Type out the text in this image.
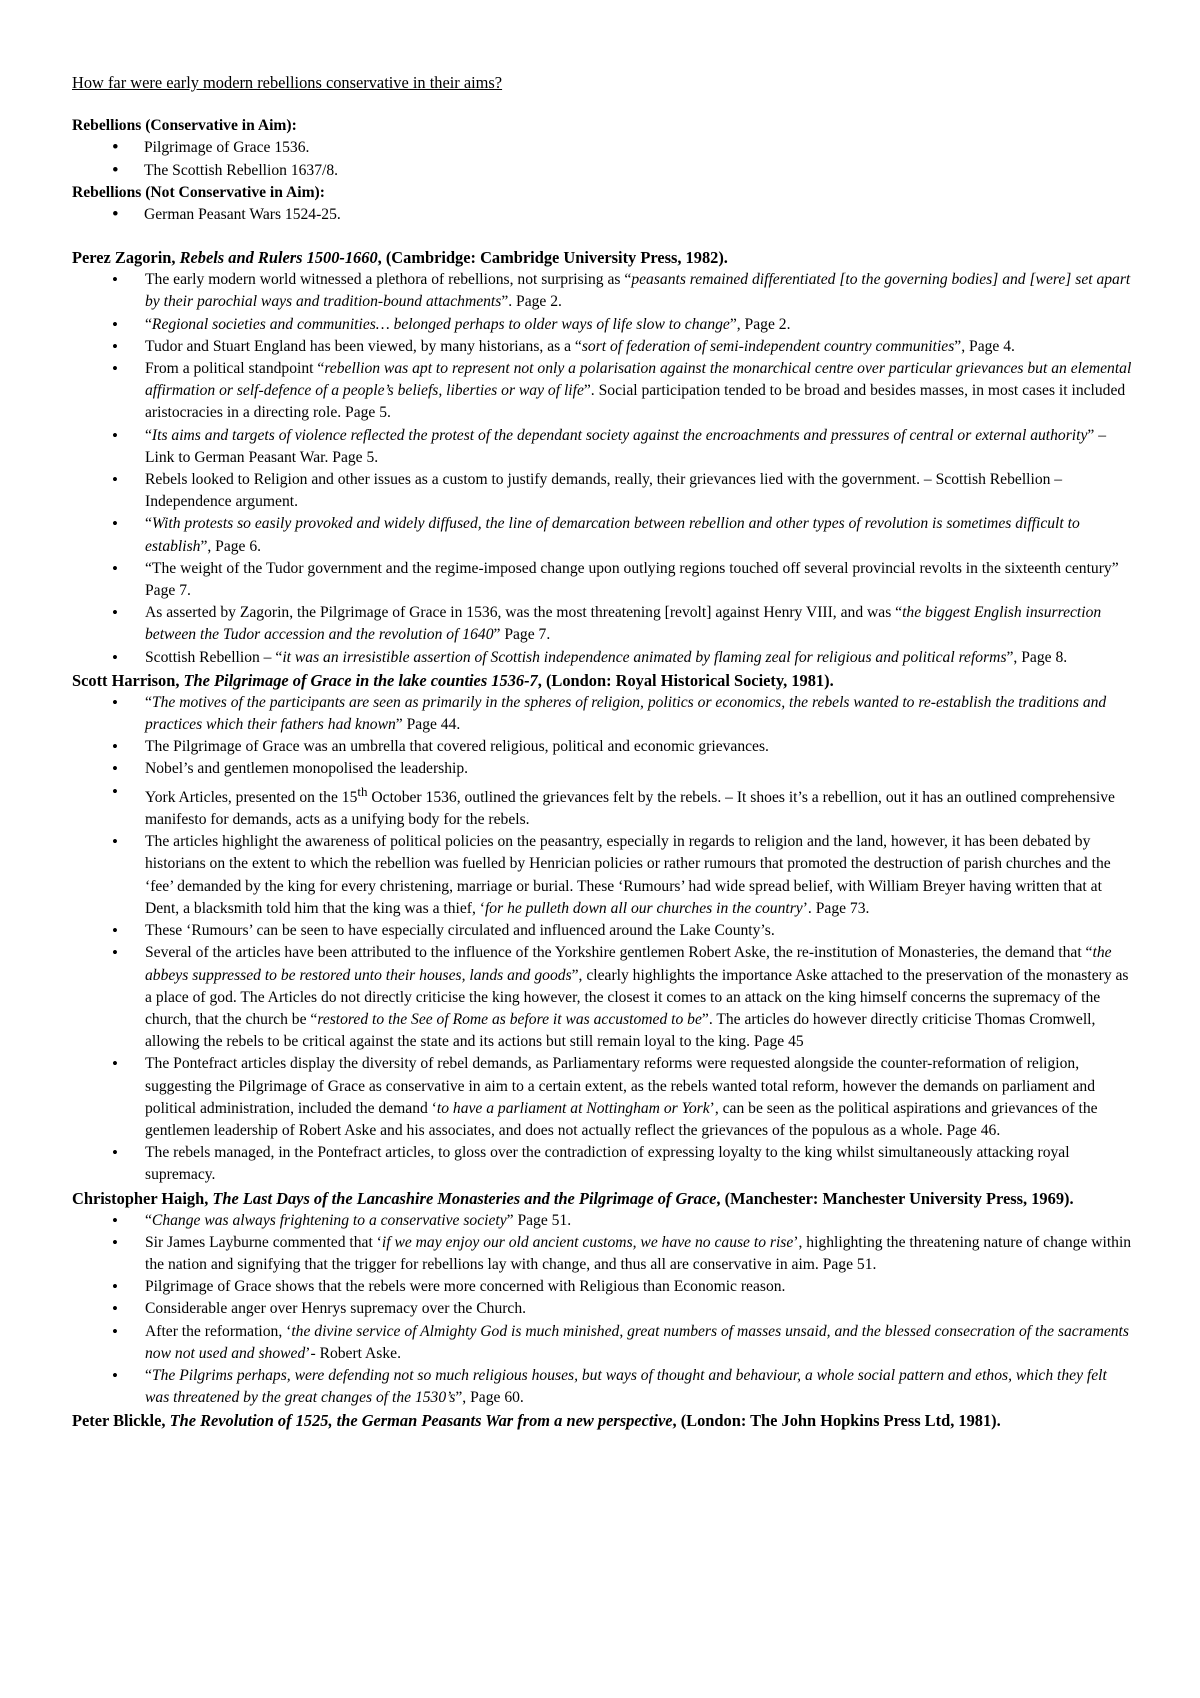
How far were early modern rebellions conservative in their aims?

Rebellions (Conservative in Aim):

• Pilgrimage of Grace 1536.
• The Scottish Rebellion 1637/8.

Rebellions (Not Conservative in Aim):

• German Peasant Wars 1524-25.

Perez Zagorin, Rebels and Rulers 1500-1660, (Cambridge: Cambridge University Press, 1982).

• The early modern world witnessed a plethora of rebellions, not surprising as “peasants remained differentiated [to the governing bodies] and [were] set apart by their parochial ways and tradition-bound attachments”. Page 2.
• “Regional societies and communities… belonged perhaps to older ways of life slow to change”, Page 2.
• Tudor and Stuart England has been viewed, by many historians, as a “sort of federation of semi-independent country communities”, Page 4.
• From a political standpoint “rebellion was apt to represent not only a polarisation against the monarchical centre over particular grievances but an elemental affirmation or self-defence of a people’s beliefs, liberties or way of life”. Social participation tended to be broad and besides masses, in most cases it included aristocracies in a directing role. Page 5.
• “Its aims and targets of violence reflected the protest of the dependant society against the encroachments and pressures of central or external authority” – Link to German Peasant War. Page 5.
• Rebels looked to Religion and other issues as a custom to justify demands, really, their grievances lied with the government. – Scottish Rebellion – Independence argument.
• “With protests so easily provoked and widely diffused, the line of demarcation between rebellion and other types of revolution is sometimes difficult to establish”, Page 6.
• “The weight of the Tudor government and the regime-imposed change upon outlying regions touched off several provincial revolts in the sixteenth century” Page 7.
• As asserted by Zagorin, the Pilgrimage of Grace in 1536, was the most threatening [revolt] against Henry VIII, and was “the biggest English insurrection between the Tudor accession and the revolution of 1640” Page 7.
• Scottish Rebellion – “it was an irresistible assertion of Scottish independence animated by flaming zeal for religious and political reforms”, Page 8.

Scott Harrison, The Pilgrimage of Grace in the lake counties 1536-7, (London: Royal Historical Society, 1981).

• “The motives of the participants are seen as primarily in the spheres of religion, politics or economics, the rebels wanted to re-establish the traditions and practices which their fathers had known” Page 44.
• The Pilgrimage of Grace was an umbrella that covered religious, political and economic grievances.
• Nobel’s and gentlemen monopolised the leadership.
• York Articles, presented on the 15th October 1536, outlined the grievances felt by the rebels. – It shoes it’s a rebellion, out it has an outlined comprehensive manifesto for demands, acts as a unifying body for the rebels.
• The articles highlight the awareness of political policies on the peasantry, especially in regards to religion and the land, however, it has been debated by historians on the extent to which the rebellion was fuelled by Henrician policies or rather rumours that promoted the destruction of parish churches and the ‘fee’ demanded by the king for every christening, marriage or burial. These ‘Rumours’ had wide spread belief, with William Breyer having written that at Dent, a blacksmith told him that the king was a thief, ‘for he pulleth down all our churches in the country’. Page 73.
• These ‘Rumours’ can be seen to have especially circulated and influenced around the Lake County’s.
• Several of the articles have been attributed to the influence of the Yorkshire gentlemen Robert Aske, the re-institution of Monasteries, the demand that “the abbeys suppressed to be restored unto their houses, lands and goods”, clearly highlights the importance Aske attached to the preservation of the monastery as a place of god. The Articles do not directly criticise the king however, the closest it comes to an attack on the king himself concerns the supremacy of the church, that the church be “restored to the See of Rome as before it was accustomed to be”. The articles do however directly criticise Thomas Cromwell, allowing the rebels to be critical against the state and its actions but still remain loyal to the king. Page 45
• The Pontefract articles display the diversity of rebel demands, as Parliamentary reforms were requested alongside the counter-reformation of religion, suggesting the Pilgrimage of Grace as conservative in aim to a certain extent, as the rebels wanted total reform, however the demands on parliament and political administration, included the demand ‘to have a parliament at Nottingham or York’, can be seen as the political aspirations and grievances of the gentlemen leadership of Robert Aske and his associates, and does not actually reflect the grievances of the populous as a whole. Page 46.
• The rebels managed, in the Pontefract articles, to gloss over the contradiction of expressing loyalty to the king whilst simultaneously attacking royal supremacy.

Christopher Haigh, The Last Days of the Lancashire Monasteries and the Pilgrimage of Grace, (Manchester: Manchester University Press, 1969).

• “Change was always frightening to a conservative society” Page 51.
• Sir James Layburne commented that ‘if we may enjoy our old ancient customs, we have no cause to rise’, highlighting the threatening nature of change within the nation and signifying that the trigger for rebellions lay with change, and thus all are conservative in aim. Page 51.
• Pilgrimage of Grace shows that the rebels were more concerned with Religious than Economic reason.
• Considerable anger over Henrys supremacy over the Church.
• After the reformation, ‘the divine service of Almighty God is much minished, great numbers of masses unsaid, and the blessed consecration of the sacraments now not used and showed’- Robert Aske.
• “The Pilgrims perhaps, were defending not so much religious houses, but ways of thought and behaviour, a whole social pattern and ethos, which they felt was threatened by the great changes of the 1530’s”, Page 60.

Peter Blickle, The Revolution of 1525, the German Peasants War from a new perspective, (London: The John Hopkins Press Ltd, 1981).
